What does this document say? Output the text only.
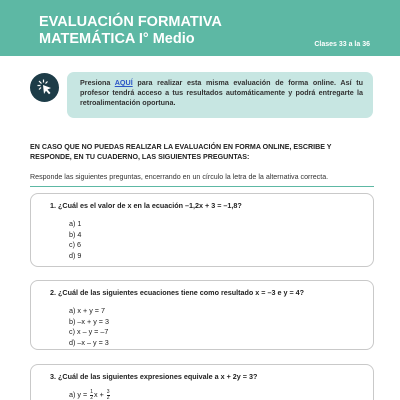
EVALUACIÓN FORMATIVA
MATEMÁTICA I° Medio	Clases 33 a la 36
Presiona AQUÍ para realizar esta misma evaluación de forma online. Así tu profesor tendrá acceso a tus resultados automáticamente y podrá entregarte la retroalimentación oportuna.
EN CASO QUE NO PUEDAS REALIZAR LA EVALUACIÓN EN FORMA ONLINE, ESCRIBE Y RESPONDE, EN TU CUADERNO, LAS SIGUIENTES PREGUNTAS:
Responde las siguientes preguntas, encerrando en un círculo la letra de la alternativa correcta.
1. ¿Cuál es el valor de x en la ecuación –1,2x + 3 = –1,8?
a) 1
b) 4
c) 6
d) 9
2. ¿Cuál de las siguientes ecuaciones tiene como resultado x = –3 e y = 4?
a) x + y = 7
b) –x + y = 3
c) x – y = –7
d) –x – y = 3
3. ¿Cuál de las siguientes expresiones equivale a x + 2y = 3?
a) $y = \frac{1}{2}$ $x + \frac{3}{2}$
